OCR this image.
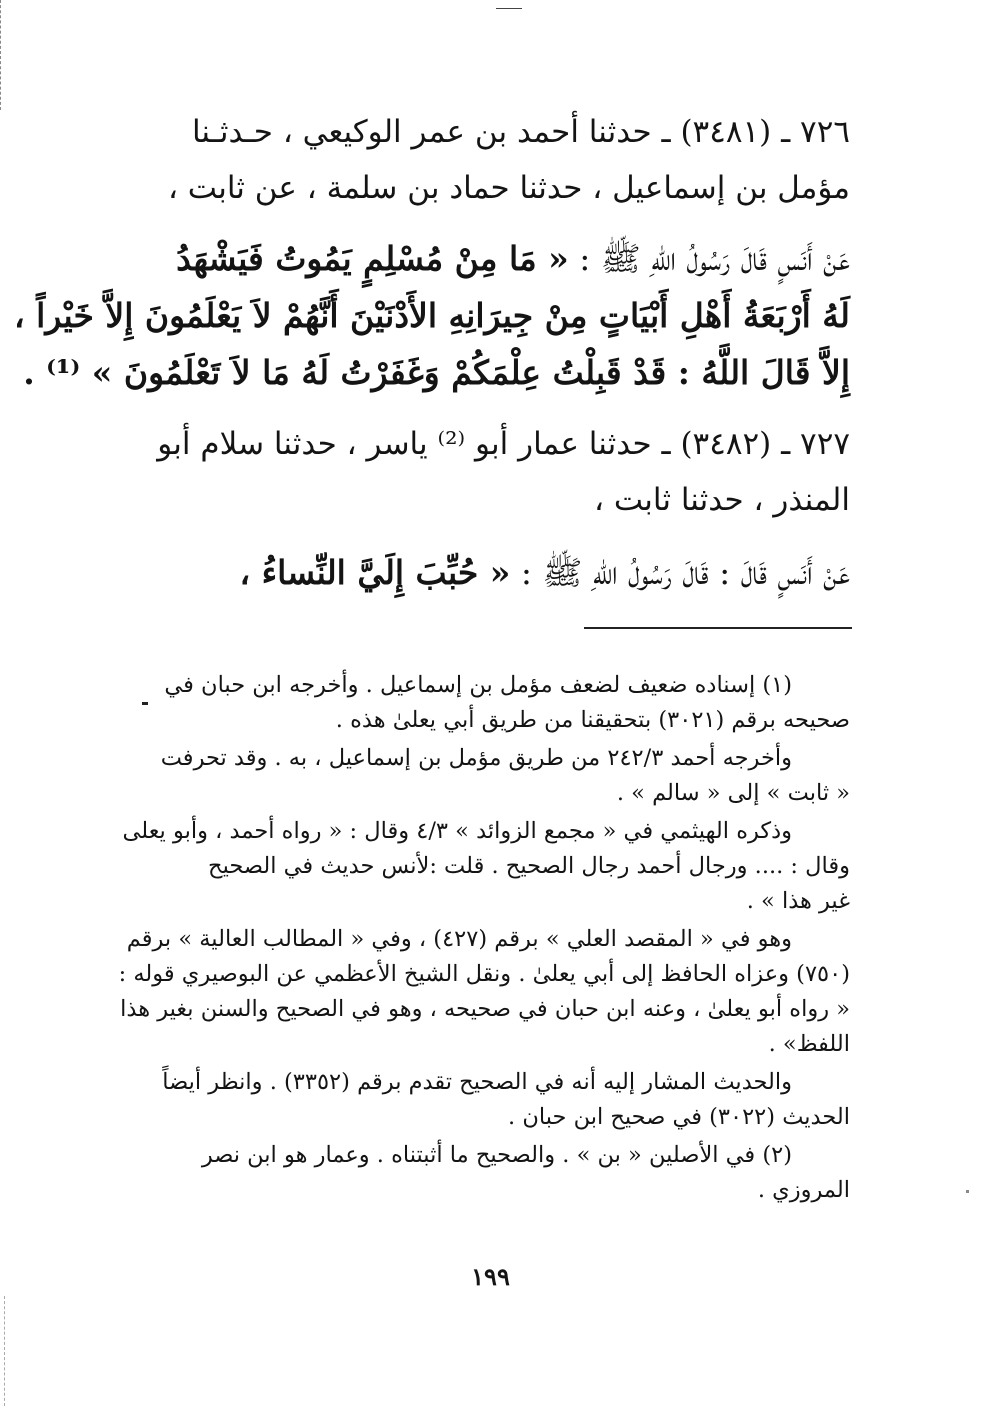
٧٢٦ ـ (٣٤٨١) ـ حدثنا أحمد بن عمر الوكيعي ، حـدثـنا
مؤمل بن إسماعيل ، حدثنا حماد بن سلمة ، عن ثابت ،
عَنْ أَنَسٍ قَالَ رَسُولُ اللهِ ﷺ : « مَا مِنْ مُسْلِمٍ يَمُوتُ فَيَشْهَدُ
لَهُ أَرْبَعَةُ أَهْلِ أَبْيَاتٍ مِنْ جِيرَانِهِ الأَدْنَيْنَ أَنَّهُمْ لاَ يَعْلَمُونَ إِلاَّ خَيْراً ،
إِلاَّ قَالَ اللَّهُ : قَدْ قَبِلْتُ عِلْمَكُمْ وَغَفَرْتُ لَهُ مَا لاَ تَعْلَمُونَ » ⁽¹⁾ .
٧٢٧ ـ (٣٤٨٢) ـ حدثنا عمار أبو ⁽²⁾ ياسر ، حدثنا سلام أبو
المنذر ، حدثنا ثابت ،
عَنْ أَنَسٍ قَالَ : قَالَ رَسُولُ اللهِ ﷺ : « حُبِّبَ إِلَيَّ النِّساءُ ،
(١) إسناده ضعيف لضعف مؤمل بن إسماعيل . وأخرجه ابن حبان في
صحيحه برقم (٣٠٢١) بتحقيقنا من طريق أبي يعلىٰ هذه .
وأخرجه أحمد ٢٤٢/٣ من طريق مؤمل بن إسماعيل ، به . وقد تحرفت
« ثابت » إلى « سالم » .
وذكره الهيثمي في « مجمع الزوائد » ٤/٣ وقال : « رواه أحمد ، وأبو يعلى
وقال : .... ورجال أحمد رجال الصحيح . قلت :لأنس حديث في الصحيح
غير هذا » .
وهو في « المقصد العلي » برقم (٤٢٧) ، وفي « المطالب العالية » برقم
(٧٥٠) وعزاه الحافظ إلى أبي يعلىٰ . ونقل الشيخ الأعظمي عن البوصيري قوله :
« رواه أبو يعلىٰ ، وعنه ابن حبان في صحيحه ، وهو في الصحيح والسنن بغير هذا
اللفظ» .
والحديث المشار إليه أنه في الصحيح تقدم برقم (٣٣٥٢) . وانظر أيضاً
الحديث (٣٠٢٢) في صحيح ابن حبان .
(٢) في الأصلين « بن » . والصحيح ما أثبتناه . وعمار هو ابن نصر
المروزي .
١٩٩
